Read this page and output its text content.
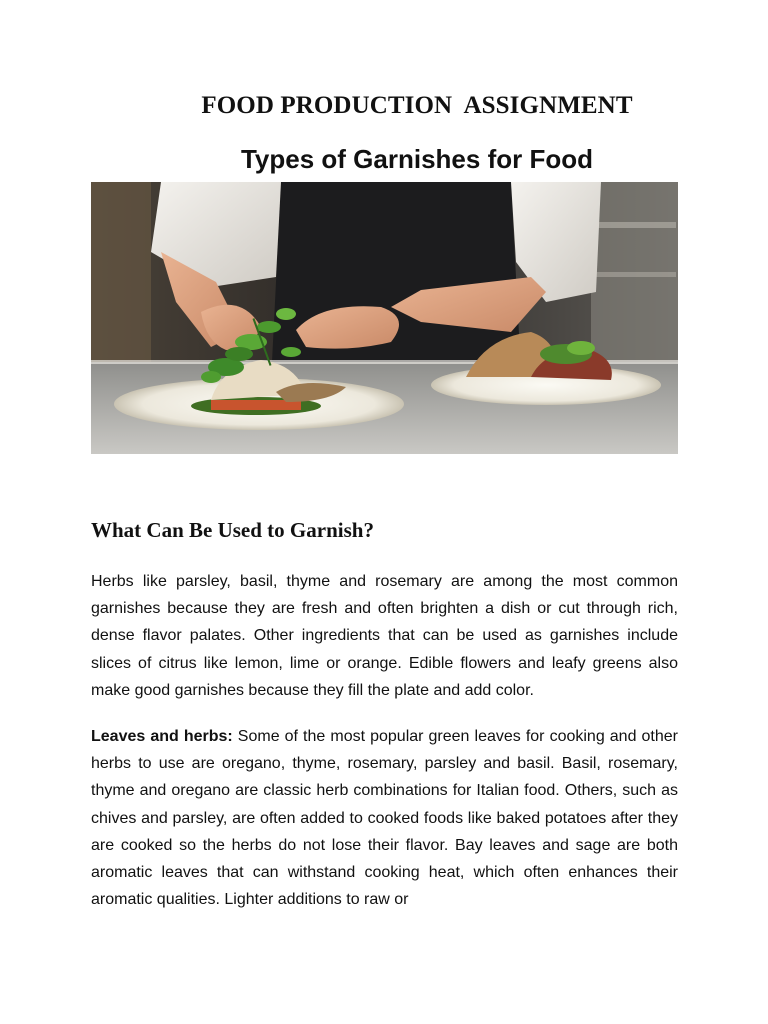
FOOD PRODUCTION  ASSIGNMENT
Types of Garnishes for Food
What Can Be Used to Garnish?
Herbs like parsley, basil, thyme and rosemary are among the most common garnishes because they are fresh and often brighten a dish or cut through rich, dense flavor palates. Other ingredients that can be used as garnishes include slices of citrus like lemon, lime or orange. Edible flowers and leafy greens also make good garnishes because they fill the plate and add color.
Leaves and herbs: Some of the most popular green leaves for cooking and other herbs to use are oregano, thyme, rosemary, parsley and basil. Basil, rosemary, thyme and oregano are classic herb combinations for Italian food. Others, such as chives and parsley, are often added to cooked foods like baked potatoes after they are cooked so the herbs do not lose their flavor. Bay leaves and sage are both aromatic leaves that can withstand cooking heat, which often enhances their aromatic qualities. Lighter additions to raw or
